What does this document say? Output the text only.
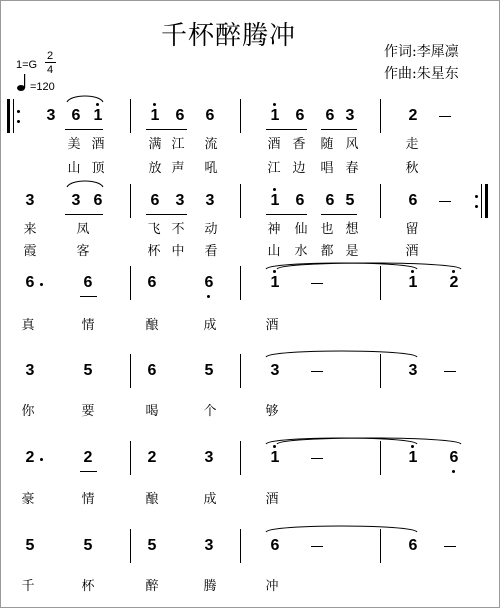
千杯醉腾冲
作词:李犀凛
作曲:朱星东
1=G
2
4
=120
3 6 1	1 6 6	1 6 6 3	2
美 酒	满 江 流	酒 香 随 风	走
山 顶	放 声 吼	江 边 唱 春	秋
3 3 6	6 3 3	1 6 6 5	6
来	凤	飞 不 动	神 仙 也 想	留
霞	客	杯 中 看	山 水 都 是	酒
6	6	6	6	1	1 2
真	情	酿	成	酒
3	5	6	5	3	3
你	要	喝	个	够
2	2	2	3	1	1 6
豪	情	酿	成	酒
5	5	5	3	6	6
千	杯	醉	腾	冲
